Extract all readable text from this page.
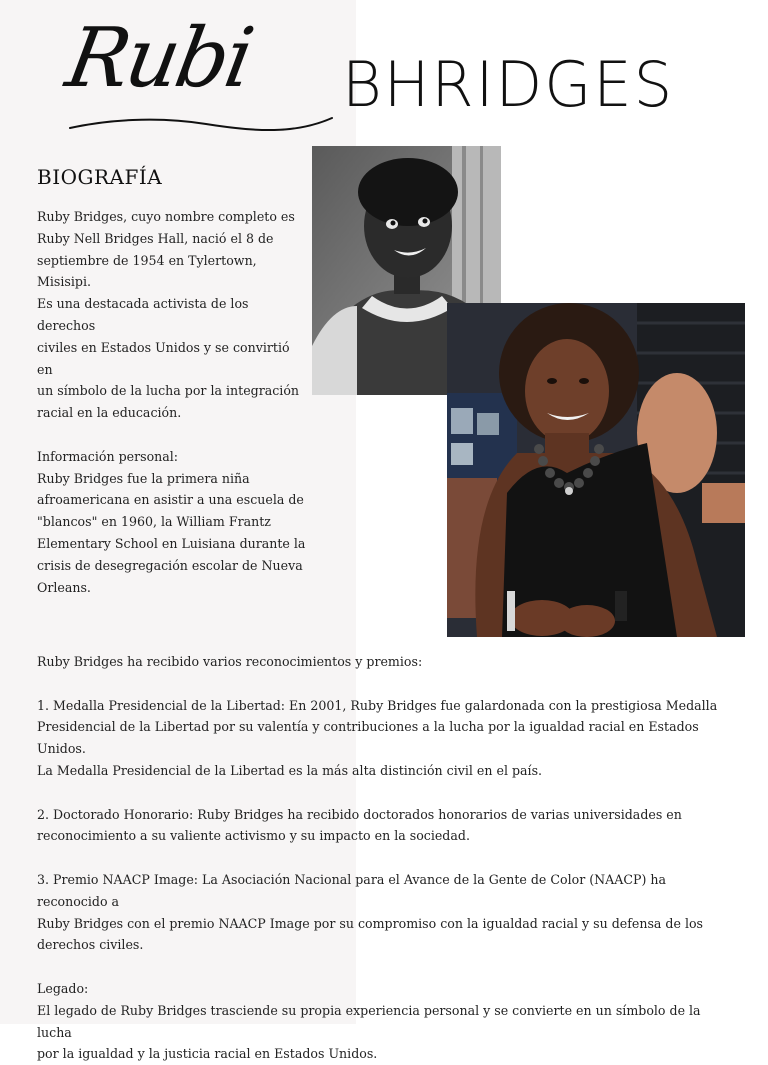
Rubi BHRIDGES
BIOGRAFÍA
Ruby Bridges, cuyo nombre completo es
Ruby Nell Bridges Hall, nació el 8 de
septiembre de 1954 en Tylertown, Misisipi.
Es una destacada activista de los derechos
civiles en Estados Unidos y se convirtió en
un símbolo de la lucha por la integración
racial en la educación.

Información personal:
Ruby Bridges fue la primera niña
afroamericana en asistir a una escuela de
"blancos" en 1960, la William Frantz
Elementary School en Luisiana durante la
crisis de desegregación escolar de Nueva
Orleans.
Ruby Bridges ha recibido varios reconocimientos y premios:

1. Medalla Presidencial de la Libertad: En 2001, Ruby Bridges fue galardonada con la prestigiosa Medalla
Presidencial de la Libertad por su valentía y contribuciones a la lucha por la igualdad racial en Estados Unidos.
La Medalla Presidencial de la Libertad es la más alta distinción civil en el país.

2. Doctorado Honorario: Ruby Bridges ha recibido doctorados honorarios de varias universidades en
reconocimiento a su valiente activismo y su impacto en la sociedad.

3. Premio NAACP Image: La Asociación Nacional para el Avance de la Gente de Color (NAACP) ha reconocido a
Ruby Bridges con el premio NAACP Image por su compromiso con la igualdad racial y su defensa de los
derechos civiles.

Legado:
El legado de Ruby Bridges trasciende su propia experiencia personal y se convierte en un símbolo de la lucha
por la igualdad y la justicia racial en Estados Unidos.
